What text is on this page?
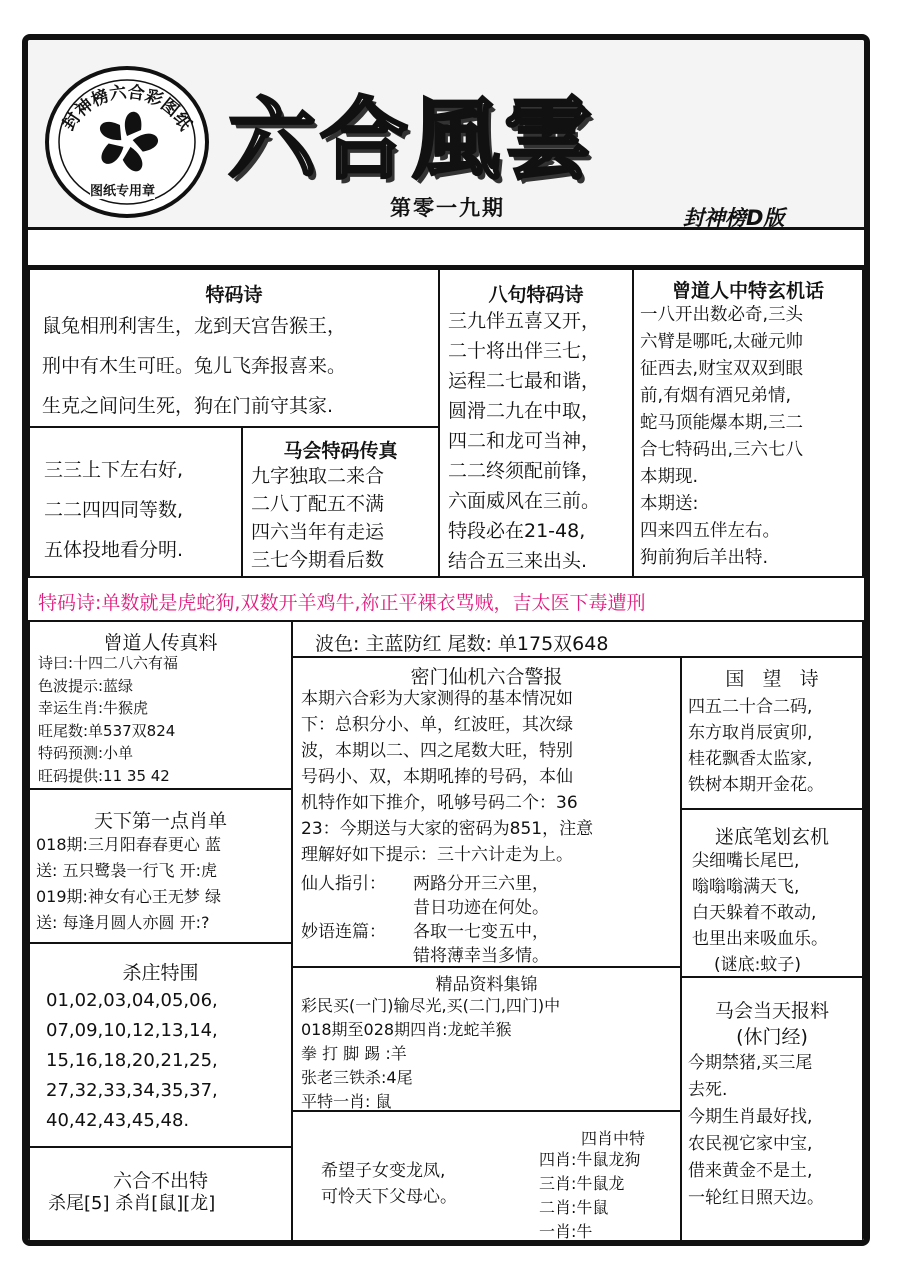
封神榜六合彩图纸
图纸专用章
六合風雲
第零一九期	封神榜D版
特码诗
鼠兔相刑利害生，龙到天宫告猴王，
刑中有木生可旺。兔儿飞奔报喜来。
生克之间问生死，狗在门前守其家.
三三上下左右好,
二二四四同等数,
五体投地看分明.
马会特码传真
九字独取二来合
二八丁配五不满
四六当年有走运
三七今期看后数
八句特码诗
三九伴五喜又开，
二十将出伴三七，
运程二七最和谐，
圆滑二九在中取，
四二和龙可当神，
二二终须配前锋，
六面威风在三前。
特段必在21-48,
结合五三来出头.
曾道人中特玄机话
一八开出数必奇,三头
六臂是哪吒,太碰元帅
征西去,财宝双双到眼
前,有烟有酒兄弟情,
蛇马顶能爆本期,三二
合七特码出,三六七八
本期现.
本期送:
四来四五伴左右。
狗前狗后羊出特.
特码诗:单数就是虎蛇狗,双数开羊鸡牛,祢正平裸衣骂贼，吉太医下毒遭刑
曾道人传真料
诗曰:十四二八六有福
色波提示:蓝绿
幸运生肖:牛猴虎
旺尾数:单537双824
特码预测:小单
旺码提供:11 35 42
天下第一点肖单
018期:三月阳春春更心 蓝
送: 五只鹭袅一行飞 开:虎
019期:神女有心王无梦 绿
送: 每逢月圆人亦圆 开:?
杀庄特围
01,02,03,04,05,06,
07,09,10,12,13,14,
15,16,18,20,21,25,
27,32,33,34,35,37,
40,42,43,45,48.
六合不出特
杀尾[5] 杀肖[鼠][龙]
波色: 主蓝防红 尾数: 单175双648
密门仙机六合警报
本期六合彩为大家测得的基本情况如
下：总积分小、单，红波旺，其次绿
波，本期以二、四之尾数大旺，特别
号码小、双，本期吼捧的号码，本仙
机特作如下推介，吼够号码二个：36
23：今期送与大家的密码为851，注意
理解好如下提示：三十六计走为上。
仙人指引：
妙语连篇：
两路分开三六里，
昔日功迹在何处。
各取一七变五中，
错将薄幸当多情。
精品资料集锦
彩民买(一门)输尽光,买(二门,四门)中
018期至028期四肖:龙蛇羊猴
拳 打 脚 踢 :羊
张老三铁杀:4尾
平特一肖: 鼠
希望子女变龙凤,
可怜天下父母心。
四肖中特
四肖:牛鼠龙狗
三肖:牛鼠龙
二肖:牛鼠
一肖:牛
国   望   诗
四五二十合二码,
东方取肖辰寅卯,
桂花飘香太监家,
铁树本期开金花。
迷底笔划玄机
尖细嘴长尾巴,
嗡嗡嗡满天飞,
白天躲着不敢动,
也里出来吸血乐。
(谜底:蚊子)
马会当天报料
(休门经)
今期禁猪,买三尾
去死.
今期生肖最好找,
农民视它家中宝,
借来黄金不是土,
一轮红日照天边。
